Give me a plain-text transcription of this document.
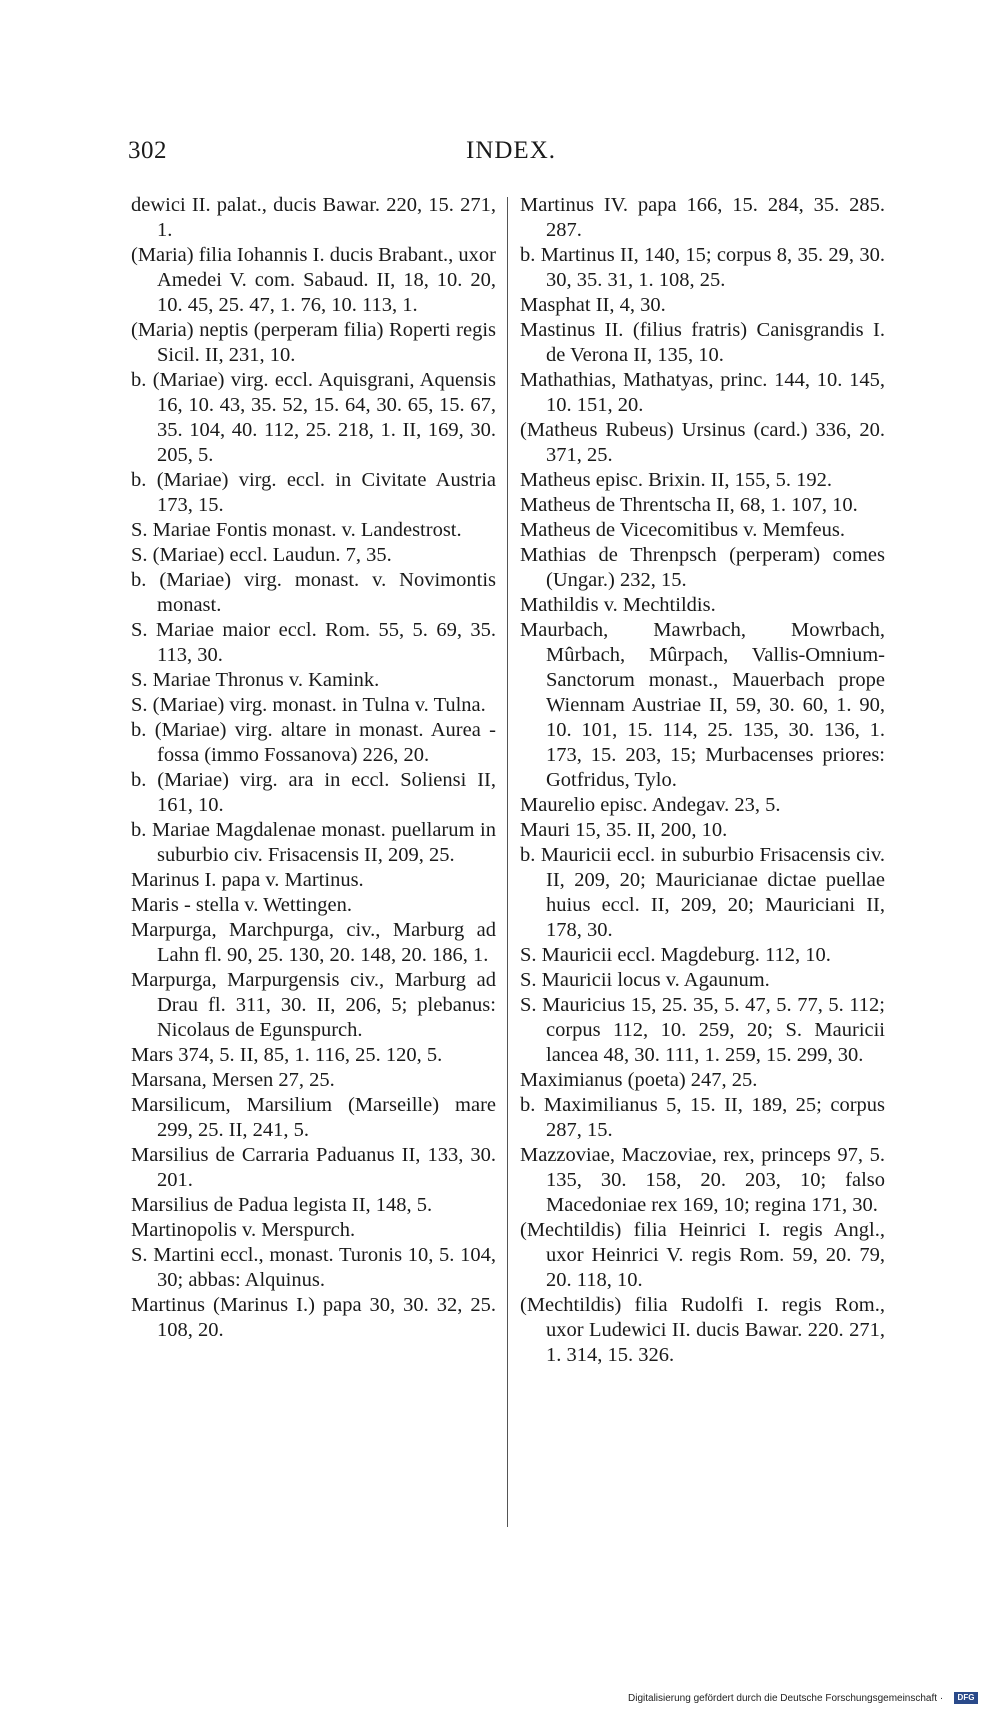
302	INDEX.

dewici II. palat., ducis Bawar. 220, 15. 271, 1.

(Maria) filia Iohannis I. ducis Brabant., uxor Amedei V. com. Sabaud. II, 18, 10. 20, 10. 45, 25. 47, 1. 76, 10. 113, 1.

(Maria) neptis (perperam filia) Roperti regis Sicil. II, 231, 10.

b. (Mariae) virg. eccl. Aquisgrani, Aquensis 16, 10. 43, 35. 52, 15. 64, 30. 65, 15. 67, 35. 104, 40. 112, 25. 218, 1. II, 169, 30. 205, 5.

b. (Mariae) virg. eccl. in Civitate Austria 173, 15.

S. Mariae Fontis monast. v. Landestrost.

S. (Mariae) eccl. Laudun. 7, 35.

b. (Mariae) virg. monast. v. Novimontis monast.

S. Mariae maior eccl. Rom. 55, 5. 69, 35. 113, 30.

S. Mariae Thronus v. Kamink.

S. (Mariae) virg. monast. in Tulna v. Tulna.

b. (Mariae) virg. altare in monast. Aurea - fossa (immo Fossanova) 226, 20.

b. (Mariae) virg. ara in eccl. Soliensi II, 161, 10.

b. Mariae Magdalenae monast. puellarum in suburbio civ. Frisacensis II, 209, 25.

Marinus I. papa v. Martinus.

Maris - stella v. Wettingen.

Marpurga, Marchpurga, civ., Marburg ad Lahn fl. 90, 25. 130, 20. 148, 20. 186, 1.

Marpurga, Marpurgensis civ., Marburg ad Drau fl. 311, 30. II, 206, 5; plebanus: Nicolaus de Egunspurch.

Mars 374, 5. II, 85, 1. 116, 25. 120, 5.

Marsana, Mersen 27, 25.

Marsilicum, Marsilium (Marseille) mare 299, 25. II, 241, 5.

Marsilius de Carraria Paduanus II, 133, 30. 201.

Marsilius de Padua legista II, 148, 5.

Martinopolis v. Merspurch.

S. Martini eccl., monast. Turonis 10, 5. 104, 30; abbas: Alquinus.

Martinus (Marinus I.) papa 30, 30. 32, 25. 108, 20.

Martinus IV. papa 166, 15. 284, 35. 285. 287.

b. Martinus II, 140, 15; corpus 8, 35. 29, 30. 30, 35. 31, 1. 108, 25.

Masphat II, 4, 30.

Mastinus II. (filius fratris) Canisgrandis I. de Verona II, 135, 10.

Mathathias, Mathatyas, princ. 144, 10. 145, 10. 151, 20.

(Matheus Rubeus) Ursinus (card.) 336, 20. 371, 25.

Matheus episc. Brixin. II, 155, 5. 192.

Matheus de Threntscha II, 68, 1. 107, 10.

Matheus de Vicecomitibus v. Memfeus.

Mathias de Threnpsch (perperam) comes (Ungar.) 232, 15.

Mathildis v. Mechtildis.

Maurbach, Mawrbach, Mowrbach, Mûrbach, Mûrpach, Vallis-Omnium-Sanctorum monast., Mauerbach prope Wiennam Austriae II, 59, 30. 60, 1. 90, 10. 101, 15. 114, 25. 135, 30. 136, 1. 173, 15. 203, 15; Murbacenses priores: Gotfridus, Tylo.

Maurelio episc. Andegav. 23, 5.

Mauri 15, 35. II, 200, 10.

b. Mauricii eccl. in suburbio Frisacensis civ. II, 209, 20; Mauricianae dictae puellae huius eccl. II, 209, 20; Mauriciani II, 178, 30.

S. Mauricii eccl. Magdeburg. 112, 10.

S. Mauricii locus v. Agaunum.

S. Mauricius 15, 25. 35, 5. 47, 5. 77, 5. 112; corpus 112, 10. 259, 20; S. Mauricii lancea 48, 30. 111, 1. 259, 15. 299, 30.

Maximianus (poeta) 247, 25.

b. Maximilianus 5, 15. II, 189, 25; corpus 287, 15.

Mazzoviae, Maczoviae, rex, princeps 97, 5. 135, 30. 158, 20. 203, 10; falso Macedoniae rex 169, 10; regina 171, 30.

(Mechtildis) filia Heinrici I. regis Angl., uxor Heinrici V. regis Rom. 59, 20. 79, 20. 118, 10.

(Mechtildis) filia Rudolfi I. regis Rom., uxor Ludewici II. ducis Bawar. 220. 271, 1. 314, 15. 326.

Digitalisierung gefördert durch die Deutsche Forschungsgemeinschaft ·	DFG
